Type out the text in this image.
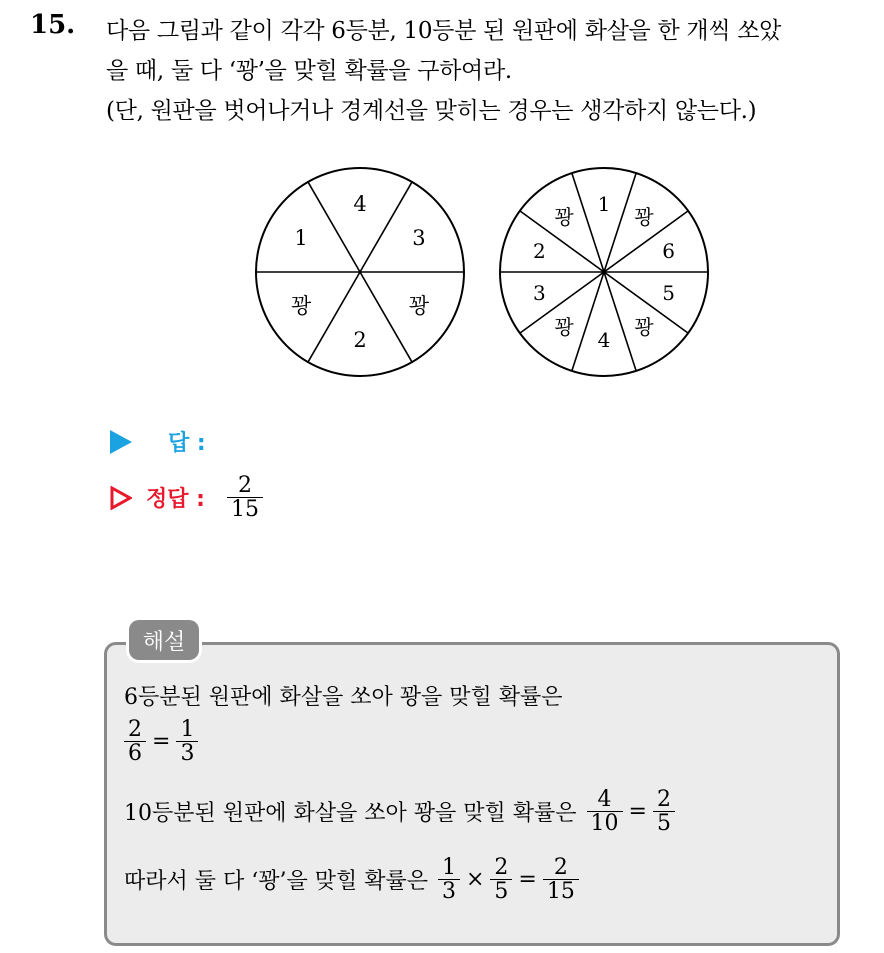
15. 다음 그림과 같이 각각 6등분, 10등분 된 원판에 화살을 한 개씩 쏘았
을 때, 둘 다 ‘꽝’을 맞힐 확률을 구하여라.
(단, 원판을 벗어나거나 경계선을 맞히는 경우는 생각하지 않는다.)
4
3
꽝
2
꽝
1
1
꽝
6
5
꽝
4
꽝
3
2
꽝
답 :
정답 : $\frac{2}{15}$
해설
6등분된 원판에 화살을 쏘아 꽝을 맞힐 확률은
$\frac{2}{6} = \frac{1}{3}$
10등분된 원판에 화살을 쏘아 꽝을 맞힐 확률은 $\frac{4}{10} = \frac{2}{5}$
따라서 둘 다 ‘꽝’을 맞힐 확률은 $\frac{1}{3} \times \frac{2}{5} = \frac{2}{15}$
